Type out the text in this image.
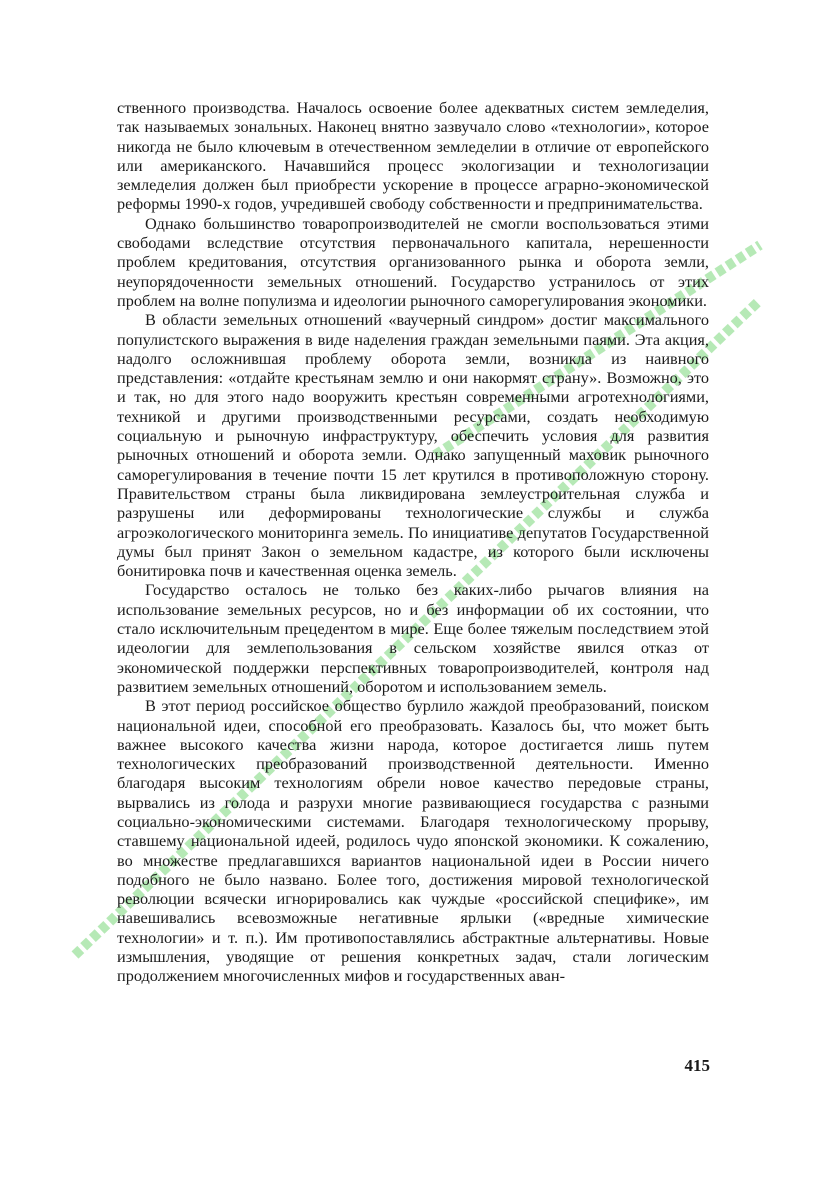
ственного производства. Началось освоение более адекватных систем земледелия, так называемых зональных. Наконец внятно зазвучало слово «технологии», которое никогда не было ключевым в отечественном земледелии в отличие от европейского или американского. Начавшийся процесс экологизации и технологизации земледелия должен был приобрести ускорение в процессе аграрно-экономической реформы 1990-х годов, учредившей свободу собственности и предпринимательства.

Однако большинство товаропроизводителей не смогли воспользоваться этими свободами вследствие отсутствия первоначального капитала, нерешенности проблем кредитования, отсутствия организованного рынка и оборота земли, неупорядоченности земельных отношений. Государство устранилось от этих проблем на волне популизма и идеологии рыночного саморегулирования экономики.

В области земельных отношений «ваучерный синдром» достиг максимального популистского выражения в виде наделения граждан земельными паями. Эта акция, надолго осложнившая проблему оборота земли, возникла из наивного представления: «отдайте крестьянам землю и они накормят страну». Возможно, это и так, но для этого надо вооружить крестьян современными агротехнологиями, техникой и другими производственными ресурсами, создать необходимую социальную и рыночную инфраструктуру, обеспечить условия для развития рыночных отношений и оборота земли. Однако запущенный маховик рыночного саморегулирования в течение почти 15 лет крутился в противоположную сторону. Правительством страны была ликвидирована землеустроительная служба и разрушены или деформированы технологические службы и служба агроэкологического мониторинга земель. По инициативе депутатов Государственной думы был принят Закон о земельном кадастре, из которого были исключены бонитировка почв и качественная оценка земель.

Государство осталось не только без каких-либо рычагов влияния на использование земельных ресурсов, но и без информации об их состоянии, что стало исключительным прецедентом в мире. Еще более тяжелым последствием этой идеологии для землепользования в сельском хозяйстве явился отказ от экономической поддержки перспективных товаропроизводителей, контроля над развитием земельных отношений, оборотом и использованием земель.

В этот период российское общество бурлило жаждой преобразований, поиском национальной идеи, способной его преобразовать. Казалось бы, что может быть важнее высокого качества жизни народа, которое достигается лишь путем технологических преобразований производственной деятельности. Именно благодаря высоким технологиям обрели новое качество передовые страны, вырвались из голода и разрухи многие развивающиеся государства с разными социально-экономическими системами. Благодаря технологическому прорыву, ставшему национальной идеей, родилось чудо японской экономики. К сожалению, во множестве предлагавшихся вариантов национальной идеи в России ничего подобного не было названо. Более того, достижения мировой технологической революции всячески игнорировались как чуждые «российской специфике», им навешивались всевозможные негативные ярлыки («вредные химические технологии» и т. п.). Им противопоставлялись абстрактные альтернативы. Новые измышления, уводящие от решения конкретных задач, стали логическим продолжением многочисленных мифов и государственных аван-

415
